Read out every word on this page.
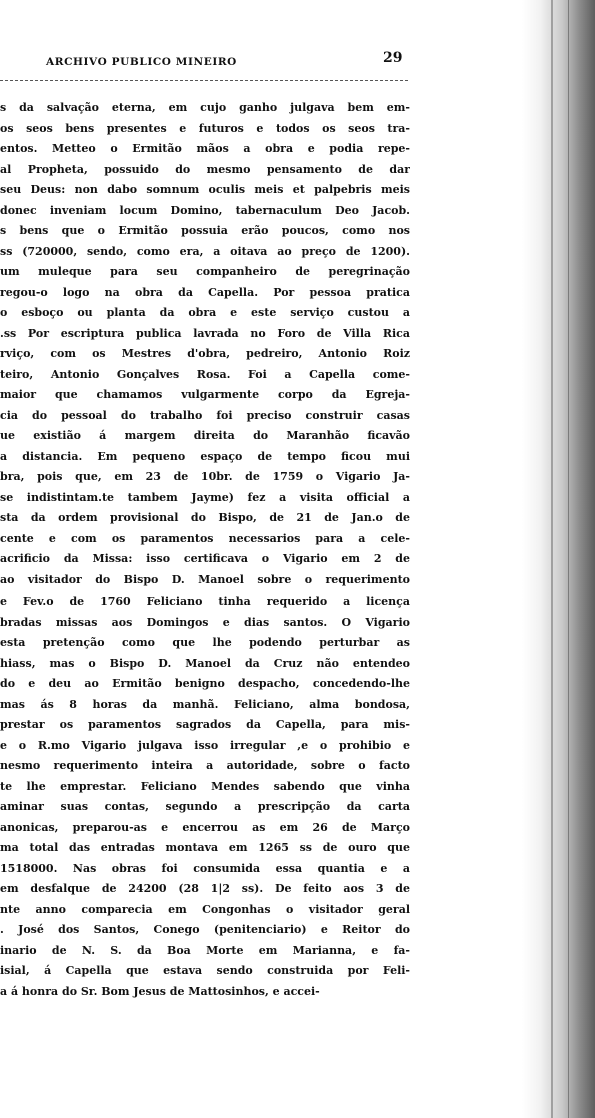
ARCHIVO PUBLICO MINEIRO	29
s da salvação eterna, em cujo ganho julgava bem em-
os seos bens presentes e futuros e todos os seos tra-
entos. Metteo o Ermitão mãos a obra e podia repe-
al Propheta, possuido do mesmo pensamento de dar
seu Deus: non dabo somnum oculis meis et palpebris meis
donec inveniam locum Domino, tabernaculum Deo Jacob.
s bens que o Ermitão possuia erão poucos, como nos
ss (720000, sendo, como era, a oitava ao preço de 1200).
um muleque para seu companheiro de peregrinação
regou-o logo na obra da Capella. Por pessoa pratica
o esboço ou planta da obra e este serviço custou a
.ss Por escriptura publica lavrada no Foro de Villa Rica
rviço, com os Mestres d'obra, pedreiro, Antonio Roiz
teiro, Antonio Gonçalves Rosa. Foi a Capella come-
maior que chamamos vulgarmente corpo da Egreja-
cia do pessoal do trabalho foi preciso construir casas
ue existião á margem direita do Maranhão ficavão
a distancia. Em pequeno espaço de tempo ficou mui
bra, pois que, em 23 de 10br. de 1759 o Vigario Ja-
se indistintam.te tambem Jayme) fez a visita official a
sta da ordem provisional do Bispo, de 21 de Jan.o de
cente e com os paramentos necessarios para a cele-
acrificio da Missa: isso certificava o Vigario em 2 de
ao visitador do Bispo D. Manoel sobre o requerimento
e Fev.o de 1760 Feliciano tinha requerido a licença
bradas missas aos Domingos e dias santos. O Vigario
esta pretenção como que lhe podendo perturbar as
hiass, mas o Bispo D. Manoel da Cruz não entendeo
do e deu ao Ermitão benigno despacho, concedendo-lhe
mas ás 8 horas da manhã. Feliciano, alma bondosa,
prestar os paramentos sagrados da Capella, para mis-
e o R.mo Vigario julgava isso irregular ,e o prohibio e
nesmo requerimento inteira a autoridade, sobre o facto
te lhe emprestar. Feliciano Mendes sabendo que vinha
aminar suas contas, segundo a prescripção da carta
anonicas, preparou-as e encerrou as em 26 de Março
ma total das entradas montava em 1265 ss de ouro que
1518000. Nas obras foi consumida essa quantia e a
em desfalque de 24200 (28 1|2 ss). De feito aos 3 de
nte anno comparecia em Congonhas o visitador geral
. José dos Santos, Conego (penitenciario) e Reitor do
inario de N. S. da Boa Morte em Marianna, e fa-
isial, á Capella que estava sendo construida por Feli-
a á honra do Sr. Bom Jesus de Mattosinhos, e accei-
